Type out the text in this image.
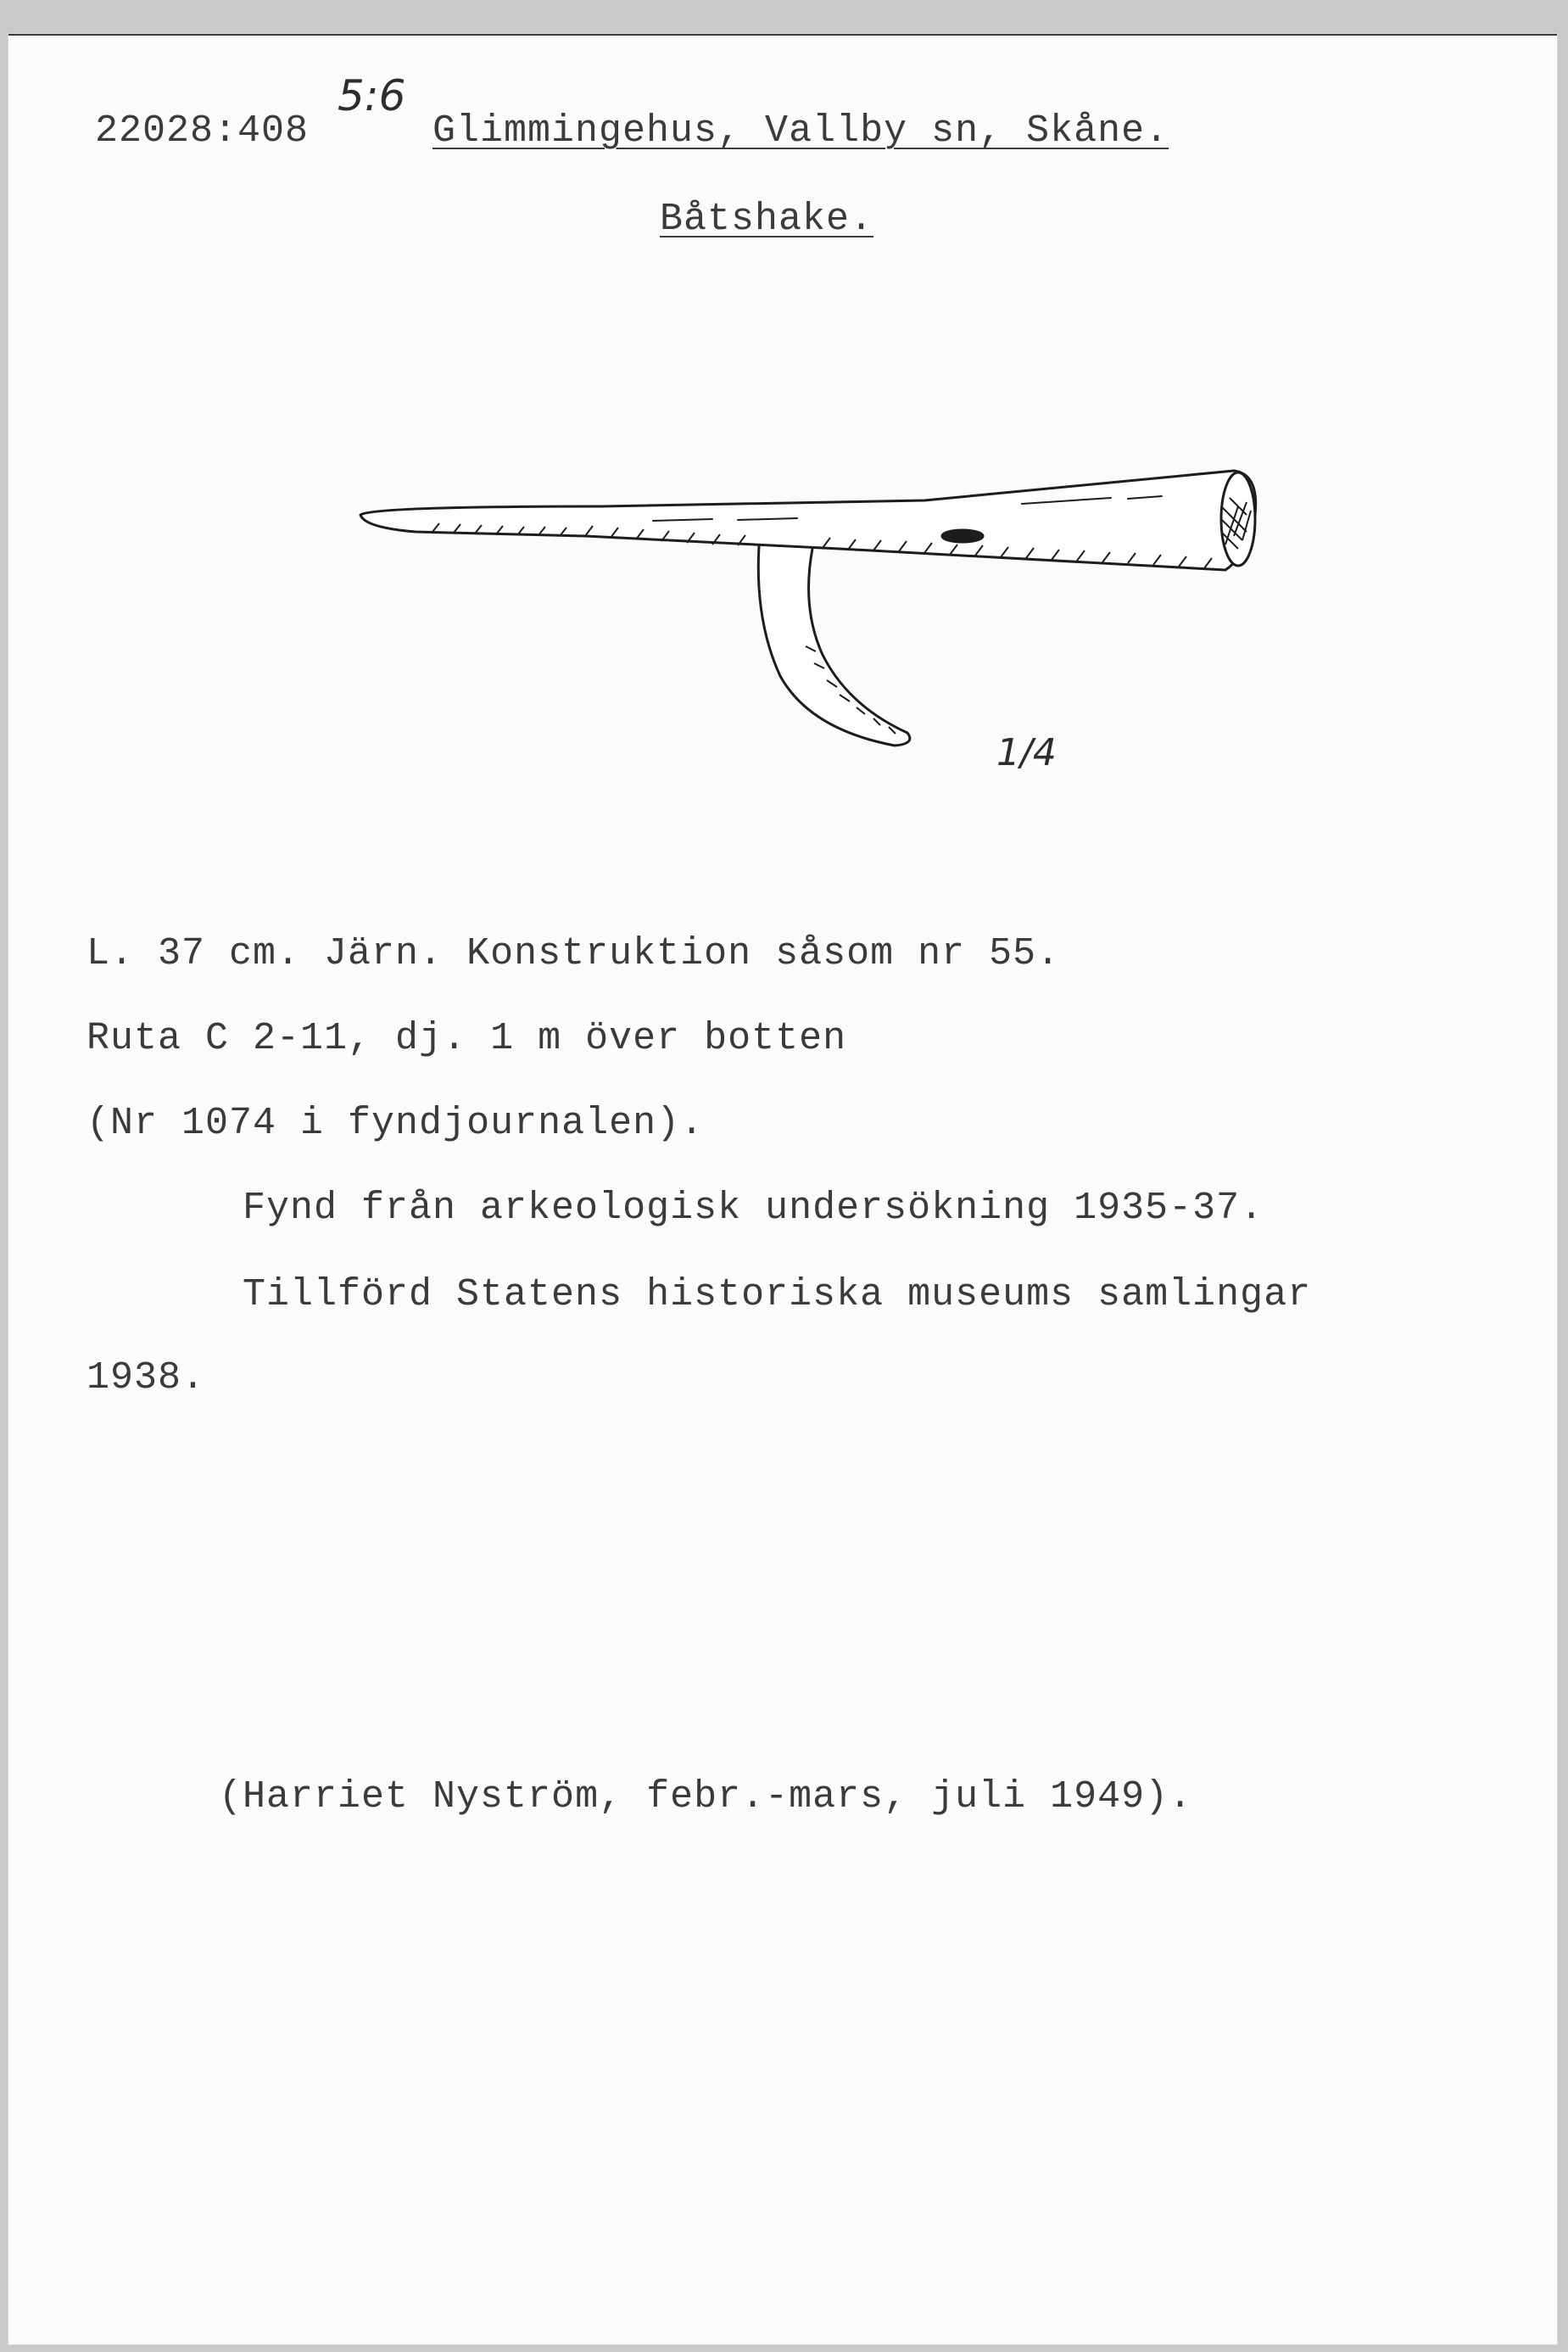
22028:408
5:6
Glimmingehus, Vallby sn, Skåne.
Båtshake.
1/4
L. 37 cm. Järn. Konstruktion såsom nr 55.
Ruta C 2-11, dj. 1 m över botten
(Nr 1074 i fyndjournalen).
Fynd från arkeologisk undersökning 1935-37.
Tillförd Statens historiska museums samlingar
1938.
(Harriet Nyström, febr.-mars, juli 1949).
